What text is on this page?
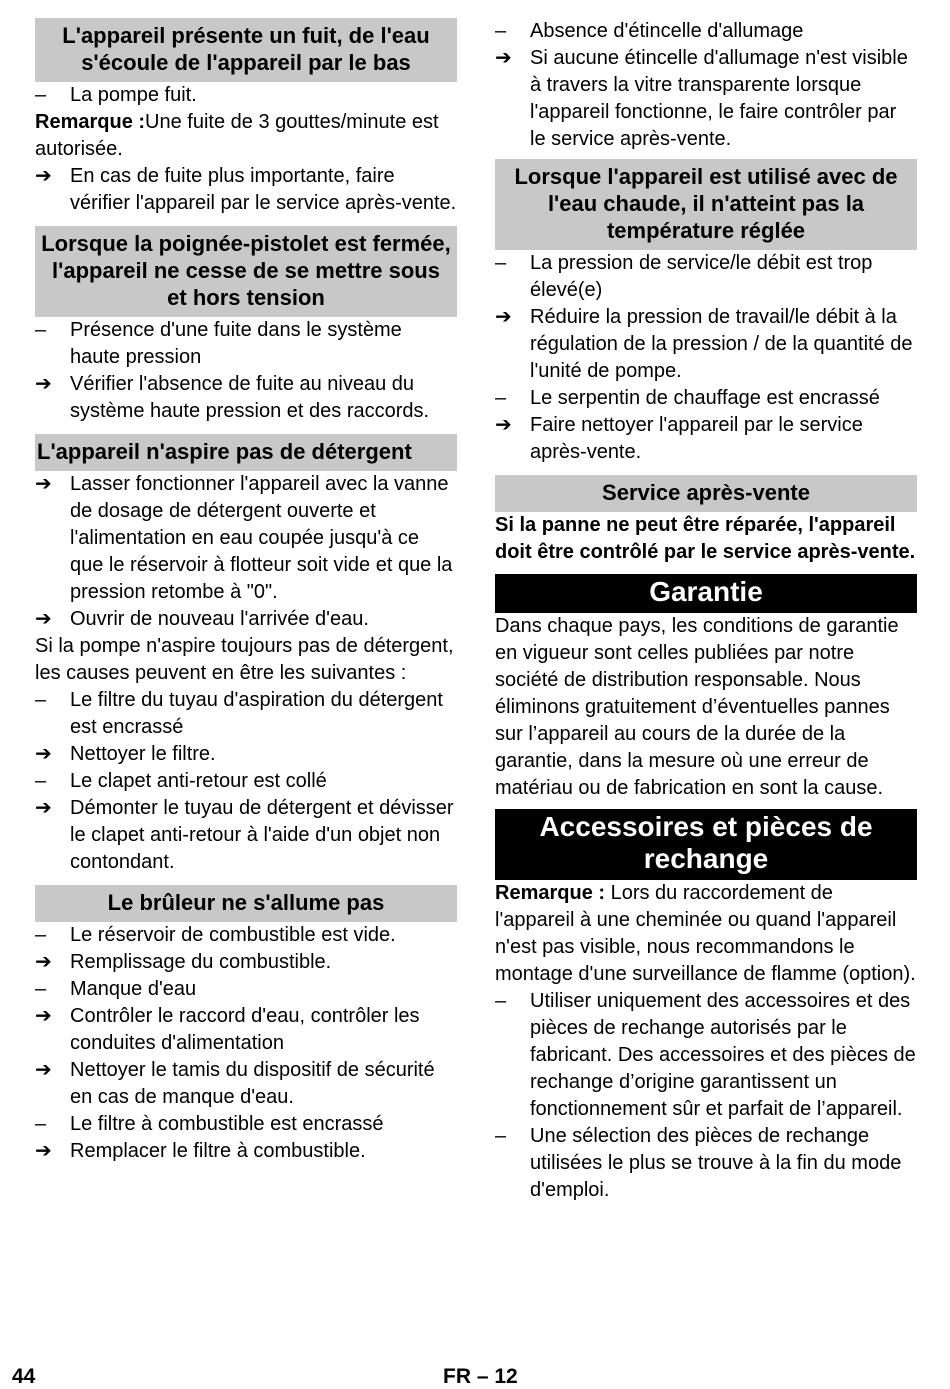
L'appareil présente un fuit, de l'eau s'écoule de l'appareil par le bas
–	La pompe fuit.

Remarque :Une fuite de 3 gouttes/minute est autorisée.

➔ En cas de fuite plus importante, faire vérifier l'appareil par le service après-vente.
Lorsque la poignée-pistolet est fermée, l'appareil ne cesse de se mettre sous et hors tension
–	Présence d'une fuite dans le système haute pression
➔ Vérifier l'absence de fuite au niveau du système haute pression et des raccords.
L'appareil n'aspire pas de détergent
➔ Lasser fonctionner l'appareil avec la vanne de dosage de détergent ouverte et l'alimentation en eau coupée jusqu'à ce que le réservoir à flotteur soit vide et que la pression retombe à "0".
➔ Ouvrir de nouveau l'arrivée d'eau.

Si la pompe n'aspire toujours pas de détergent, les causes peuvent en être les suivantes :

–	Le filtre du tuyau d'aspiration du détergent est encrassé
➔ Nettoyer le filtre.
–	Le clapet anti-retour est collé
➔ Démonter le tuyau de détergent et dévisser le clapet anti-retour à l'aide d'un objet non contondant.
Le brûleur ne s'allume pas
–	Le réservoir de combustible est vide.
➔ Remplissage du combustible.
–	Manque d'eau
➔ Contrôler le raccord d'eau, contrôler les conduites d'alimentation
➔ Nettoyer le tamis du dispositif de sécurité en cas de manque d'eau.
–	Le filtre à combustible est encrassé
➔ Remplacer le filtre à combustible.
–	Absence d'étincelle d'allumage
➔ Si aucune étincelle d'allumage n'est visible à travers la vitre transparente lorsque l'appareil fonctionne, le faire contrôler par le service après-vente.
Lorsque l'appareil est utilisé avec de l'eau chaude, il n'atteint pas la température réglée
–	La pression de service/le débit est trop élevé(e)
➔ Réduire la pression de travail/le débit à la régulation de la pression / de la quantité de l'unité de pompe.
–	Le serpentin de chauffage est encrassé
➔ Faire nettoyer l'appareil par le service après-vente.
Service après-vente

Si la panne ne peut être réparée, l'appareil doit être contrôlé par le service après-vente.

Garantie

Dans chaque pays, les conditions de garantie en vigueur sont celles publiées par notre société de distribution responsable. Nous éliminons gratuitement d’éventuelles pannes sur l’appareil au cours de la durée de la garantie, dans la mesure où une erreur de matériau ou de fabrication en sont la cause.

Accessoires et pièces de rechange

Remarque : Lors du raccordement de l'appareil à une cheminée ou quand l'appareil n'est pas visible, nous recommandons le montage d'une surveillance de flamme (option).

–	Utiliser uniquement des accessoires et des pièces de rechange autorisés par le fabricant. Des accessoires et des pièces de rechange d’origine garantissent un fonctionnement sûr et parfait de l’appareil.
–	Une sélection des pièces de rechange utilisées le plus se trouve à la fin du mode d'emploi.
44	FR – 12
